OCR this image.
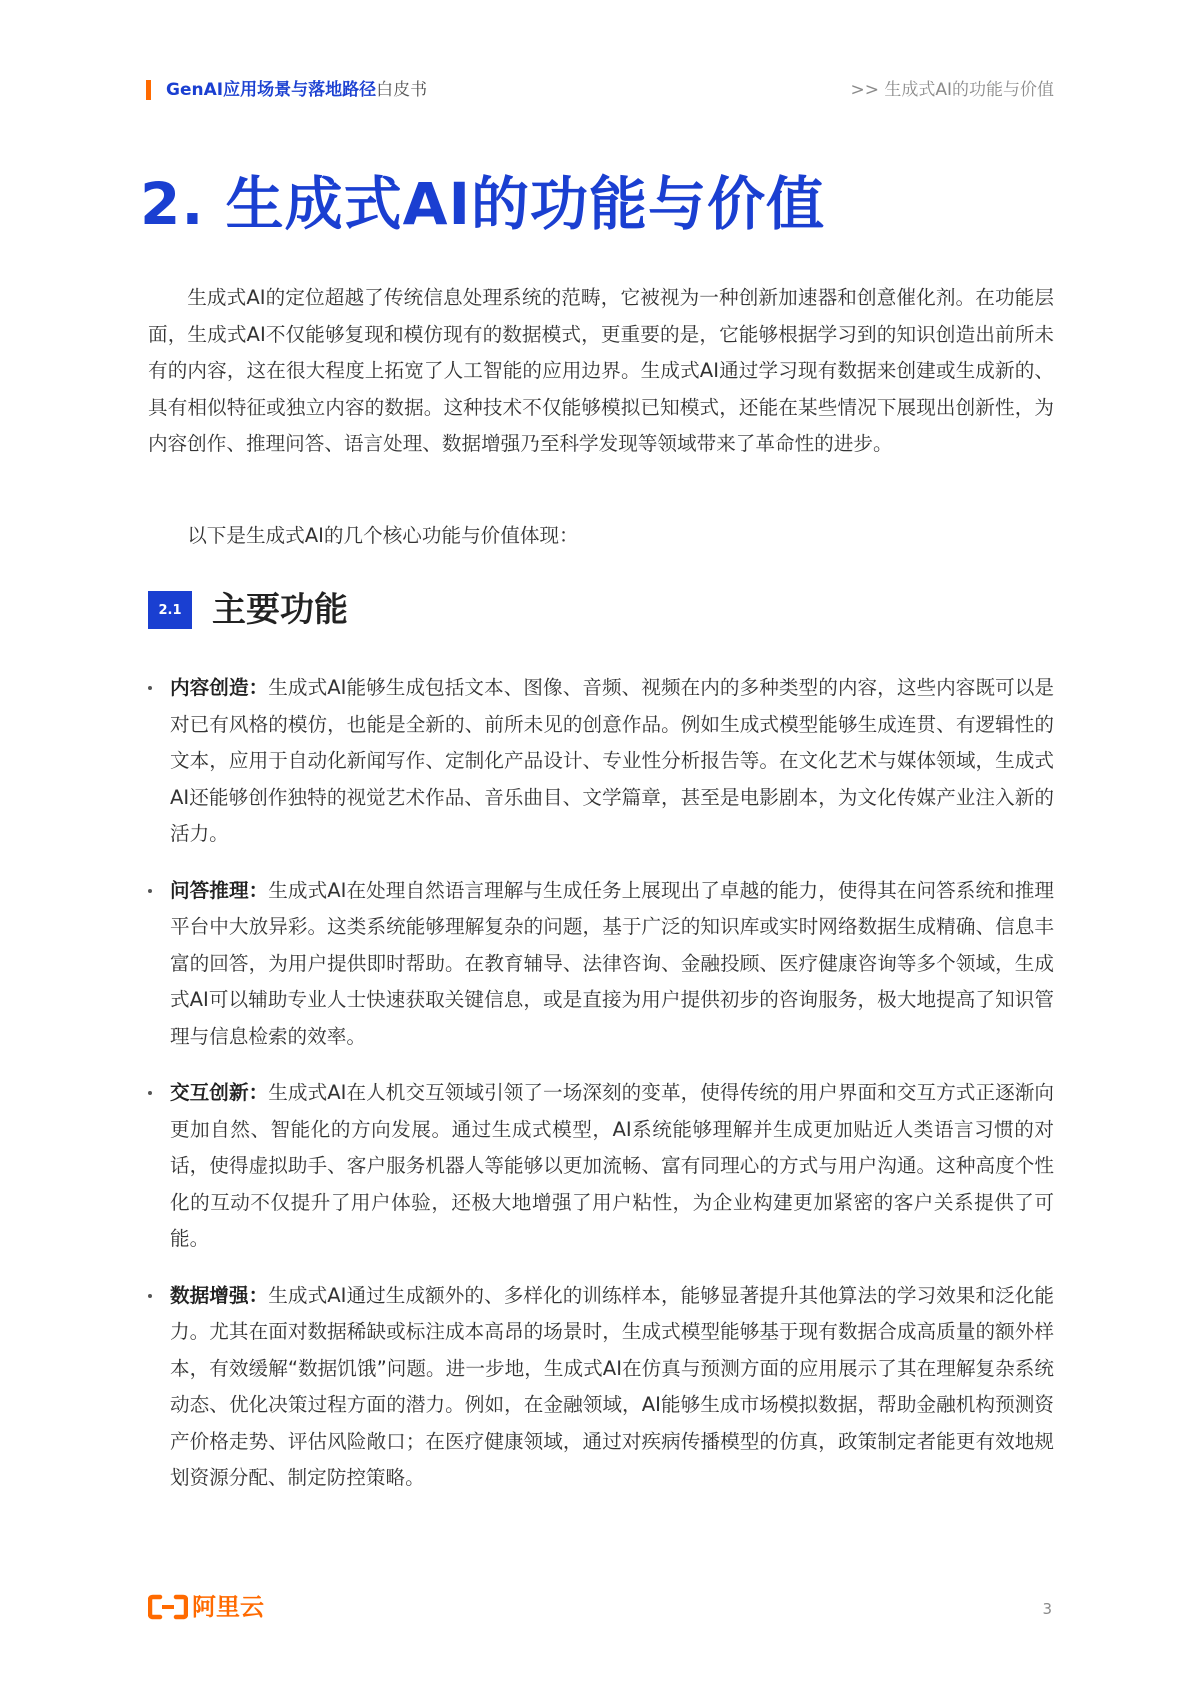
GenAI应用场景与落地路径白皮书	>> 生成式AI的功能与价值
2. 生成式AI的功能与价值

生成式AI的定位超越了传统信息处理系统的范畴，它被视为一种创新加速器和创意催化剂。在功能层面，生成式AI不仅能够复现和模仿现有的数据模式，更重要的是，它能够根据学习到的知识创造出前所未有的内容，这在很大程度上拓宽了人工智能的应用边界。生成式AI通过学习现有数据来创建或生成新的、具有相似特征或独立内容的数据。这种技术不仅能够模拟已知模式，还能在某些情况下展现出创新性，为内容创作、推理问答、语言处理、数据增强乃至科学发现等领域带来了革命性的进步。

以下是生成式AI的几个核心功能与价值体现：

2.1 主要功能
内容创造：生成式AI能够生成包括文本、图像、音频、视频在内的多种类型的内容，这些内容既可以是对已有风格的模仿，也能是全新的、前所未见的创意作品。例如生成式模型能够生成连贯、有逻辑性的文本，应用于自动化新闻写作、定制化产品设计、专业性分析报告等。在文化艺术与媒体领域，生成式AI还能够创作独特的视觉艺术作品、音乐曲目、文学篇章，甚至是电影剧本，为文化传媒产业注入新的活力。
问答推理：生成式AI在处理自然语言理解与生成任务上展现出了卓越的能力，使得其在问答系统和推理平台中大放异彩。这类系统能够理解复杂的问题，基于广泛的知识库或实时网络数据生成精确、信息丰富的回答，为用户提供即时帮助。在教育辅导、法律咨询、金融投顾、医疗健康咨询等多个领域，生成式AI可以辅助专业人士快速获取关键信息，或是直接为用户提供初步的咨询服务，极大地提高了知识管理与信息检索的效率。
交互创新：生成式AI在人机交互领域引领了一场深刻的变革，使得传统的用户界面和交互方式正逐渐向更加自然、智能化的方向发展。通过生成式模型，AI系统能够理解并生成更加贴近人类语言习惯的对话，使得虚拟助手、客户服务机器人等能够以更加流畅、富有同理心的方式与用户沟通。这种高度个性化的互动不仅提升了用户体验，还极大地增强了用户粘性，为企业构建更加紧密的客户关系提供了可能。
数据增强：生成式AI通过生成额外的、多样化的训练样本，能够显著提升其他算法的学习效果和泛化能力。尤其在面对数据稀缺或标注成本高昂的场景时，生成式模型能够基于现有数据合成高质量的额外样本，有效缓解“数据饥饿”问题。进一步地，生成式AI在仿真与预测方面的应用展示了其在理解复杂系统动态、优化决策过程方面的潜力。例如，在金融领域，AI能够生成市场模拟数据，帮助金融机构预测资产价格走势、评估风险敞口；在医疗健康领域，通过对疾病传播模型的仿真，政策制定者能更有效地规划资源分配、制定防控策略。
阿里云	3
